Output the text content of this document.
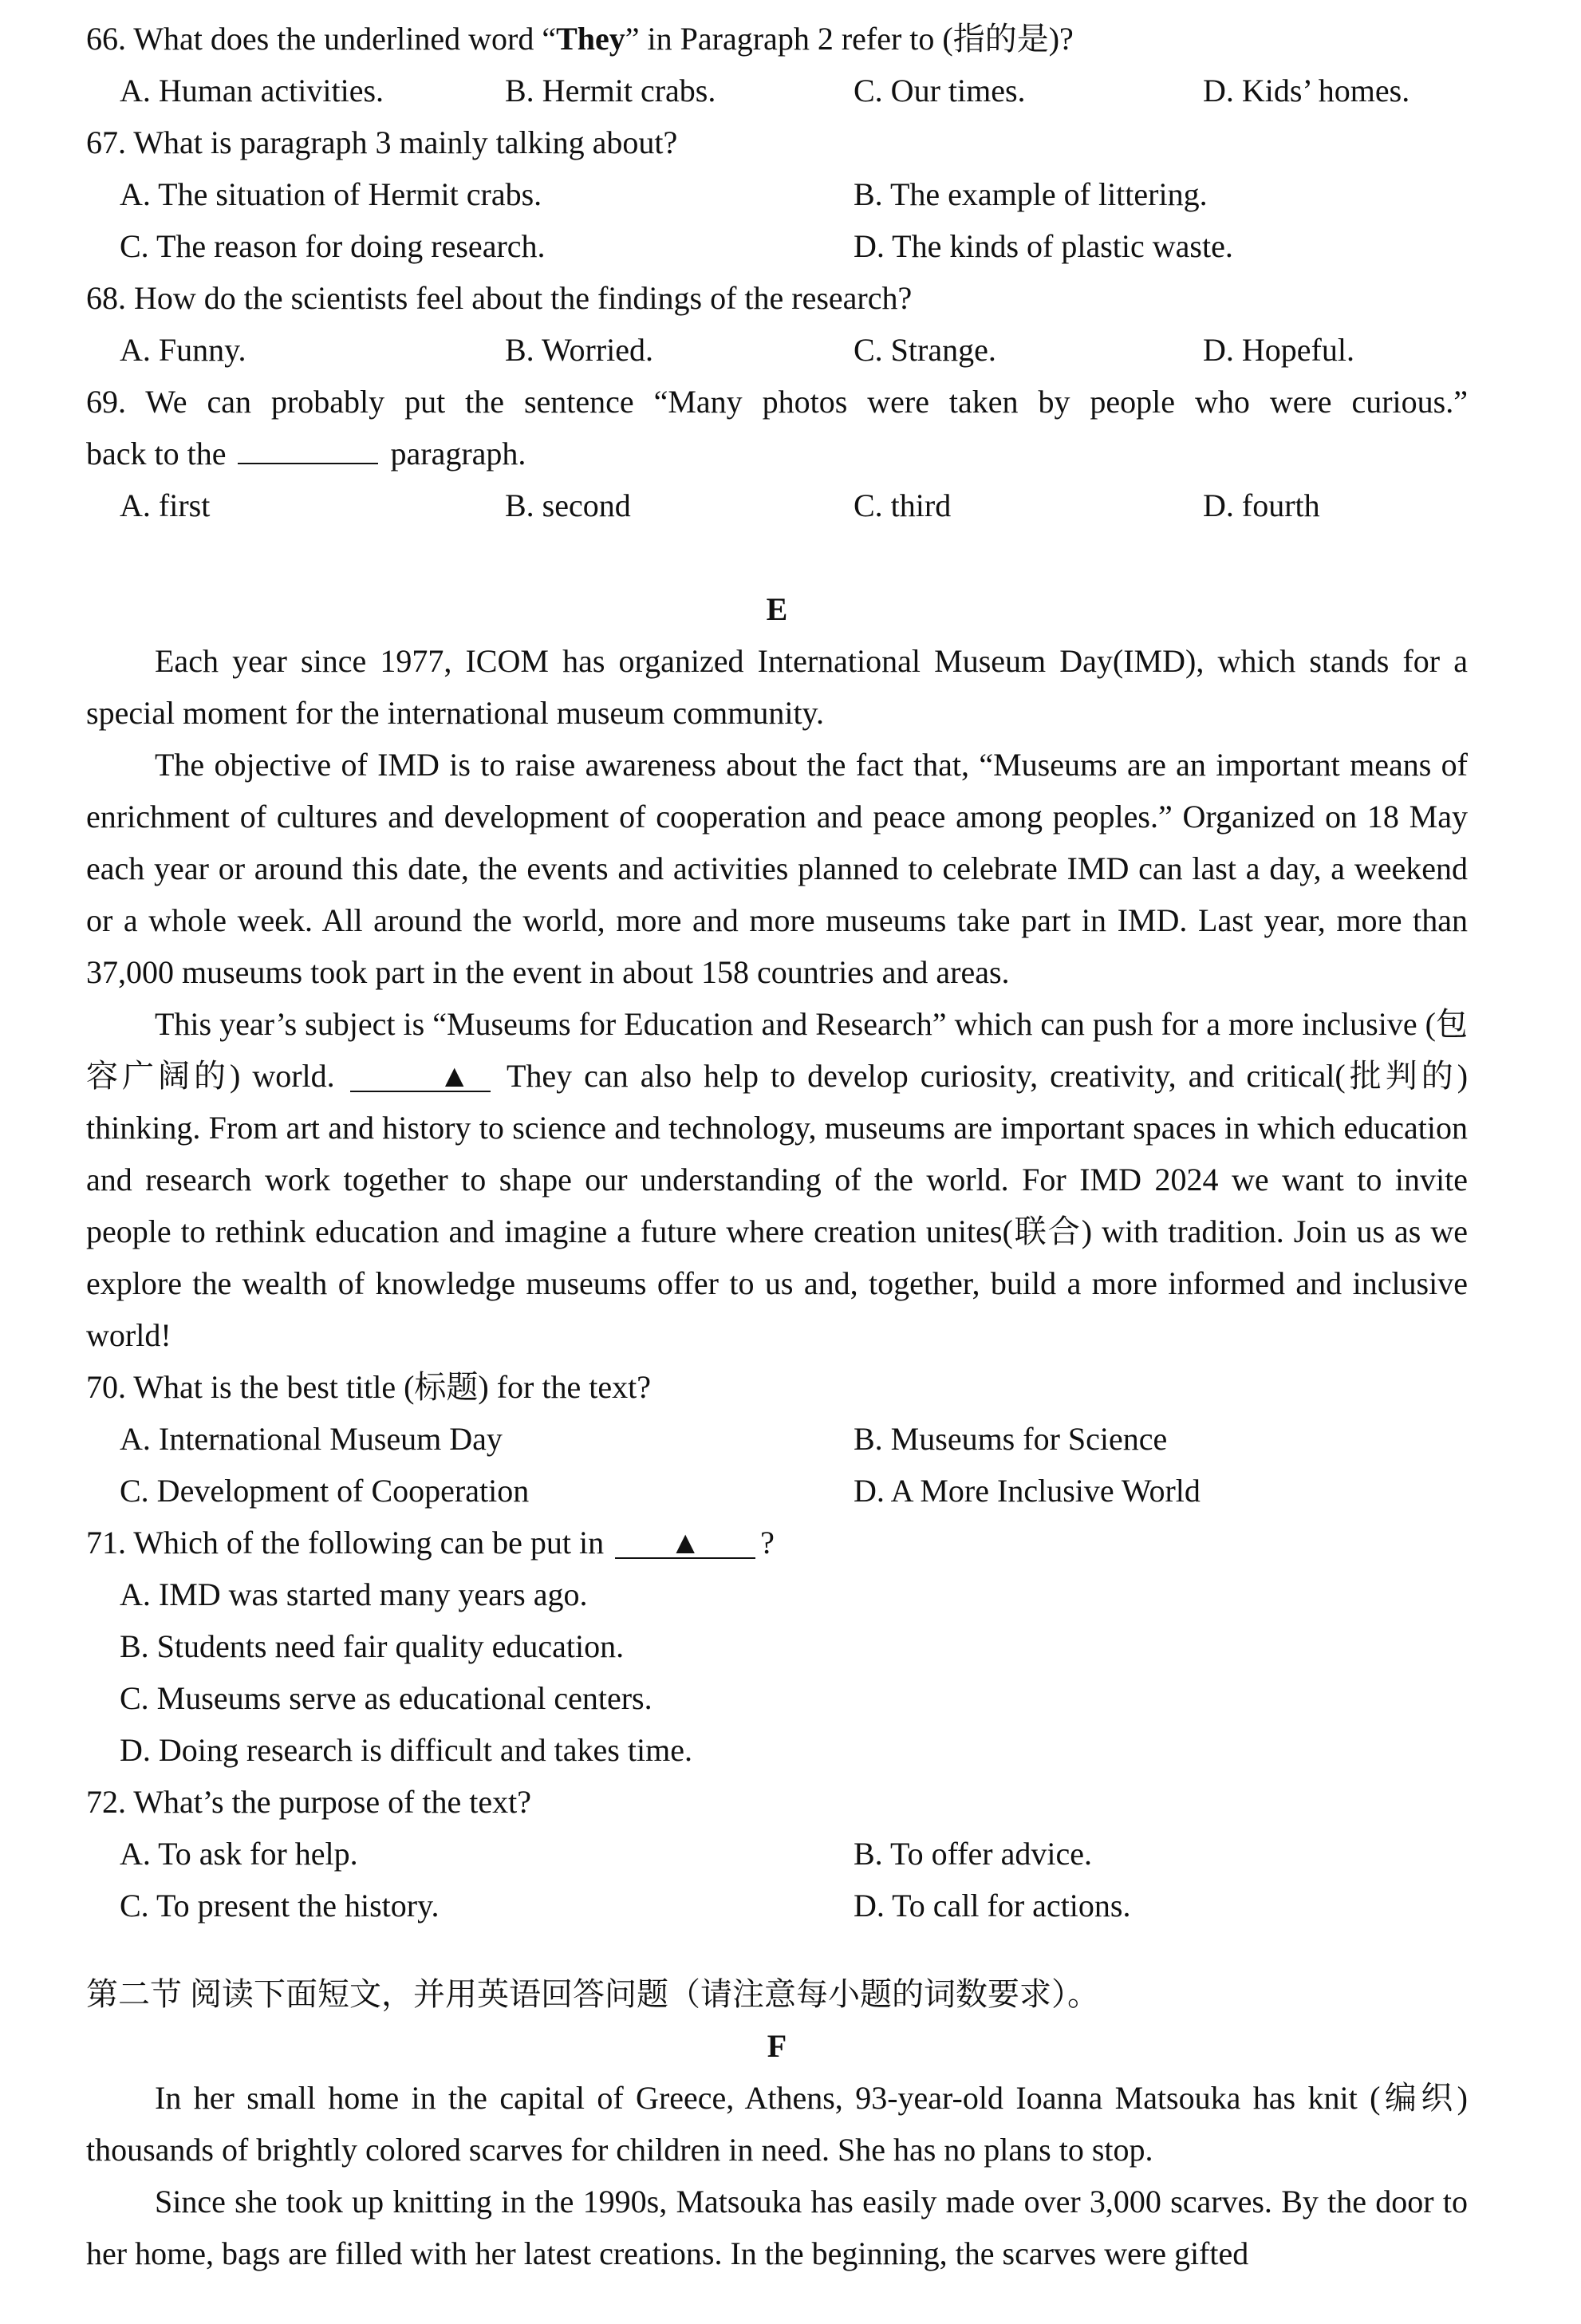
66. What does the underlined word “They” in Paragraph 2 refer to (指的是)?
A. Human activities.	B. Hermit crabs.	C. Our times.	D. Kids’ homes.
67. What is paragraph 3 mainly talking about?
A. The situation of Hermit crabs.	B. The example of littering.
C. The reason for doing research.	D. The kinds of plastic waste.
68. How do the scientists feel about the findings of the research?
A. Funny.	B. Worried.	C. Strange.	D. Hopeful.
69. We can probably put the sentence “Many photos were taken by people who were curious.”
back to the	paragraph.
A. first	B. second	C. third	D. fourth
E
Each year since 1977, ICOM has organized International Museum Day(IMD), which stands for a special moment for the international museum community.
The objective of IMD is to raise awareness about the fact that, “Museums are an important means of enrichment of cultures and development of cooperation and peace among peoples.” Organized on 18 May each year or around this date, the events and activities planned to celebrate IMD can last a day, a weekend or a whole week. All around the world, more and more museums take part in IMD. Last year, more than 37,000 museums took part in the event in about 158 countries and areas.
This year’s subject is “Museums for Education and Research” which can push for a more inclusive (包容广阔的) world.	▲ They can also help to develop curiosity, creativity, and critical(批判的) thinking. From art and history to science and technology, museums are important spaces in which education and research work together to shape our understanding of the world. For IMD 2024 we want to invite people to rethink education and imagine a future where creation unites(联合) with tradition. Join us as we explore the wealth of knowledge museums offer to us and, together, build a more informed and inclusive world!
70. What is the best title (标题) for the text?
A. International Museum Day	B. Museums for Science
C. Development of Cooperation	D. A More Inclusive World
71. Which of the following can be put in ▲ ?
A. IMD was started many years ago.
B. Students need fair quality education.
C. Museums serve as educational centers.
D. Doing research is difficult and takes time.
72. What’s the purpose of the text?
A. To ask for help.	B. To offer advice.
C. To present the history.	D. To call for actions.
第二节 阅读下面短文，并用英语回答问题（请注意每小题的词数要求）。
F
In her small home in the capital of Greece, Athens, 93-year-old Ioanna Matsouka has knit (编织) thousands of brightly colored scarves for children in need. She has no plans to stop.
Since she took up knitting in the 1990s, Matsouka has easily made over 3,000 scarves. By the door to her home, bags are filled with her latest creations. In the beginning, the scarves were gifted
